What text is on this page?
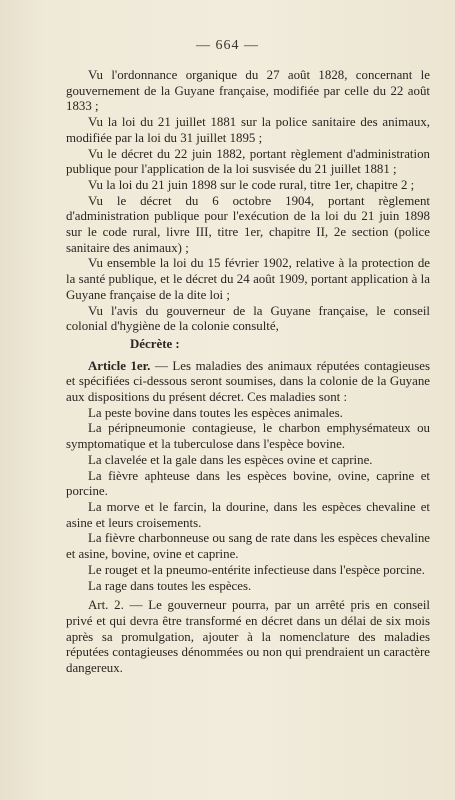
— 664 —

Vu l'ordonnance organique du 27 août 1828, concernant le gouvernement de la Guyane française, modifiée par celle du 22 août 1833 ;

Vu la loi du 21 juillet 1881 sur la police sanitaire des animaux, modifiée par la loi du 31 juillet 1895 ;

Vu le décret du 22 juin 1882, portant règlement d'administration publique pour l'application de la loi susvisée du 21 juillet 1881 ;

Vu la loi du 21 juin 1898 sur le code rural, titre 1er, chapitre 2 ;

Vu le décret du 6 octobre 1904, portant règlement d'administration publique pour l'exécution de la loi du 21 juin 1898 sur le code rural, livre III, titre 1er, chapitre II, 2e section (police sanitaire des animaux) ;

Vu ensemble la loi du 15 février 1902, relative à la protection de la santé publique, et le décret du 24 août 1909, portant application à la Guyane française de la dite loi ;

Vu l'avis du gouverneur de la Guyane française, le conseil colonial d'hygiène de la colonie consulté,

Décrète :

Article 1er. — Les maladies des animaux réputées contagieuses et spécifiées ci-dessous seront soumises, dans la colonie de la Guyane aux dispositions du présent décret. Ces maladies sont :

La peste bovine dans toutes les espèces animales.

La péripneumonie contagieuse, le charbon emphysémateux ou symptomatique et la tuberculose dans l'espèce bovine.

La clavelée et la gale dans les espèces ovine et caprine.

La fièvre aphteuse dans les espèces bovine, ovine, caprine et porcine.

La morve et le farcin, la dourine, dans les espèces chevaline et asine et leurs croisements.

La fièvre charbonneuse ou sang de rate dans les espèces chevaline et asine, bovine, ovine et caprine.

Le rouget et la pneumo-entérite infectieuse dans l'espèce porcine.

La rage dans toutes les espèces.

Art. 2. — Le gouverneur pourra, par un arrêté pris en conseil privé et qui devra être transformé en décret dans un délai de six mois après sa promulgation, ajouter à la nomenclature des maladies réputées contagieuses dénommées ou non qui prendraient un caractère dangereux.
